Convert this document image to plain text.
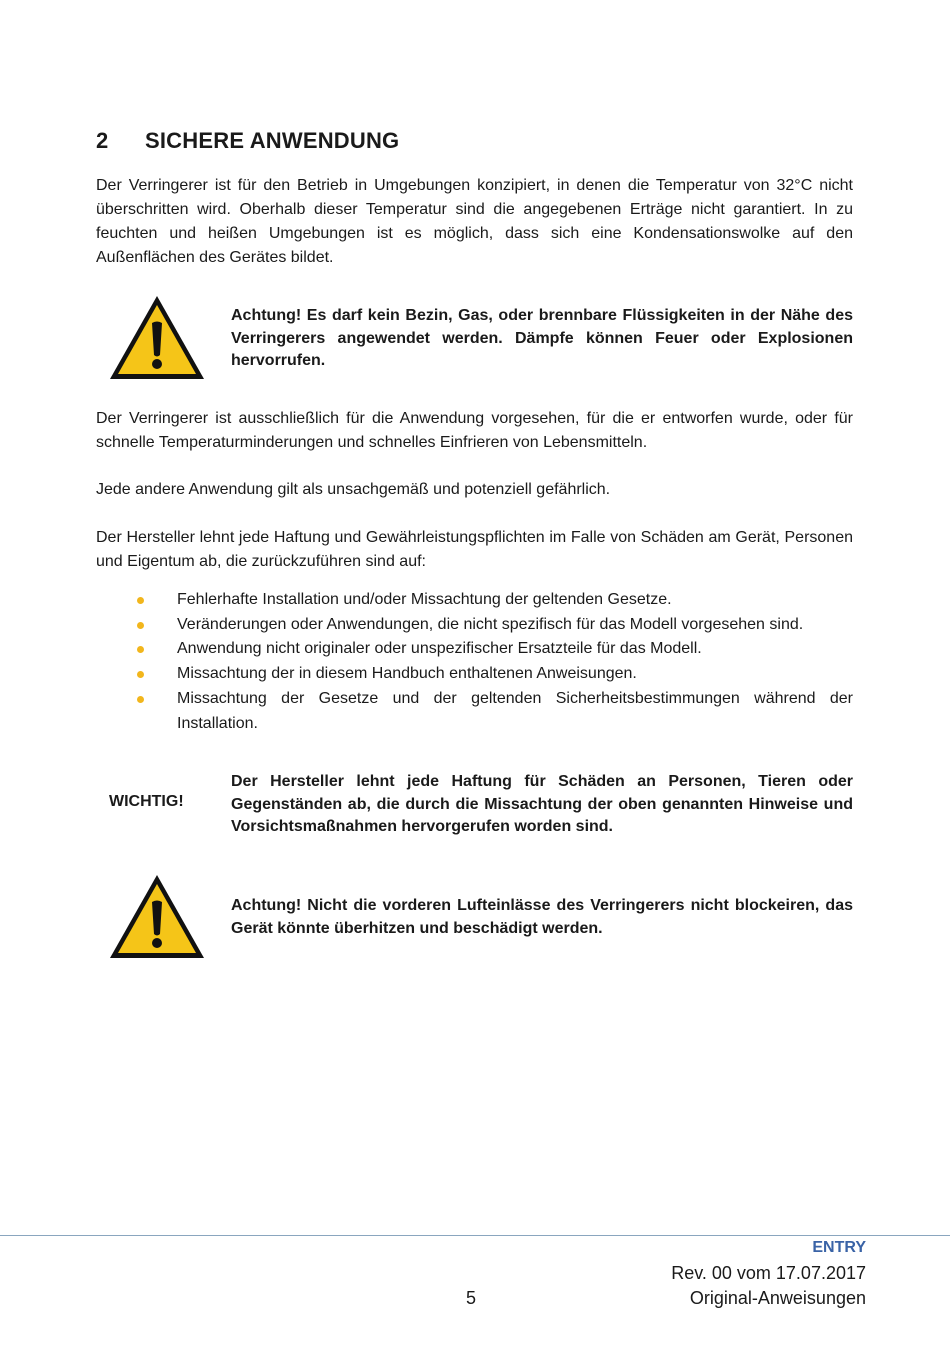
2 SICHERE ANWENDUNG
Der Verringerer ist für den Betrieb in Umgebungen konzipiert, in denen die Temperatur von 32°C nicht überschritten wird. Oberhalb dieser Temperatur sind die angegebenen Erträge nicht garantiert. In zu feuchten und heißen Umgebungen ist es möglich, dass sich eine Kondensationswolke auf den Außenflächen des Gerätes bildet.
Achtung! Es darf kein Bezin, Gas, oder brennbare Flüssigkeiten in der Nähe des Verringerers angewendet werden. Dämpfe können Feuer oder Explosionen hervorrufen.
Der Verringerer ist ausschließlich für die Anwendung vorgesehen, für die er entworfen wurde, oder für schnelle Temperaturminderungen und schnelles Einfrieren von Lebensmitteln.
Jede andere Anwendung gilt als unsachgemäß und potenziell gefährlich.
Der Hersteller lehnt jede Haftung und Gewährleistungspflichten im Falle von Schäden am Gerät, Personen und Eigentum ab, die zurückzuführen sind auf:
Fehlerhafte Installation und/oder Missachtung der geltenden Gesetze.
Veränderungen oder Anwendungen, die nicht spezifisch für das Modell vorgesehen sind.
Anwendung nicht originaler oder unspezifischer Ersatzteile für das Modell.
Missachtung der in diesem Handbuch enthaltenen Anweisungen.
Missachtung der Gesetze und der geltenden Sicherheitsbestimmungen während der Installation.
WICHTIG!
Der Hersteller lehnt jede Haftung für Schäden an Personen, Tieren oder Gegenständen ab, die durch die Missachtung der oben genannten Hinweise und Vorsichtsmaßnahmen hervorgerufen worden sind.
Achtung! Nicht die vorderen Lufteinlässe des Verringerers nicht blockeiren, das Gerät könnte überhitzen und beschädigt werden.
ENTRY
Rev. 00 vom 17.07.2017
5	Original-Anweisungen
